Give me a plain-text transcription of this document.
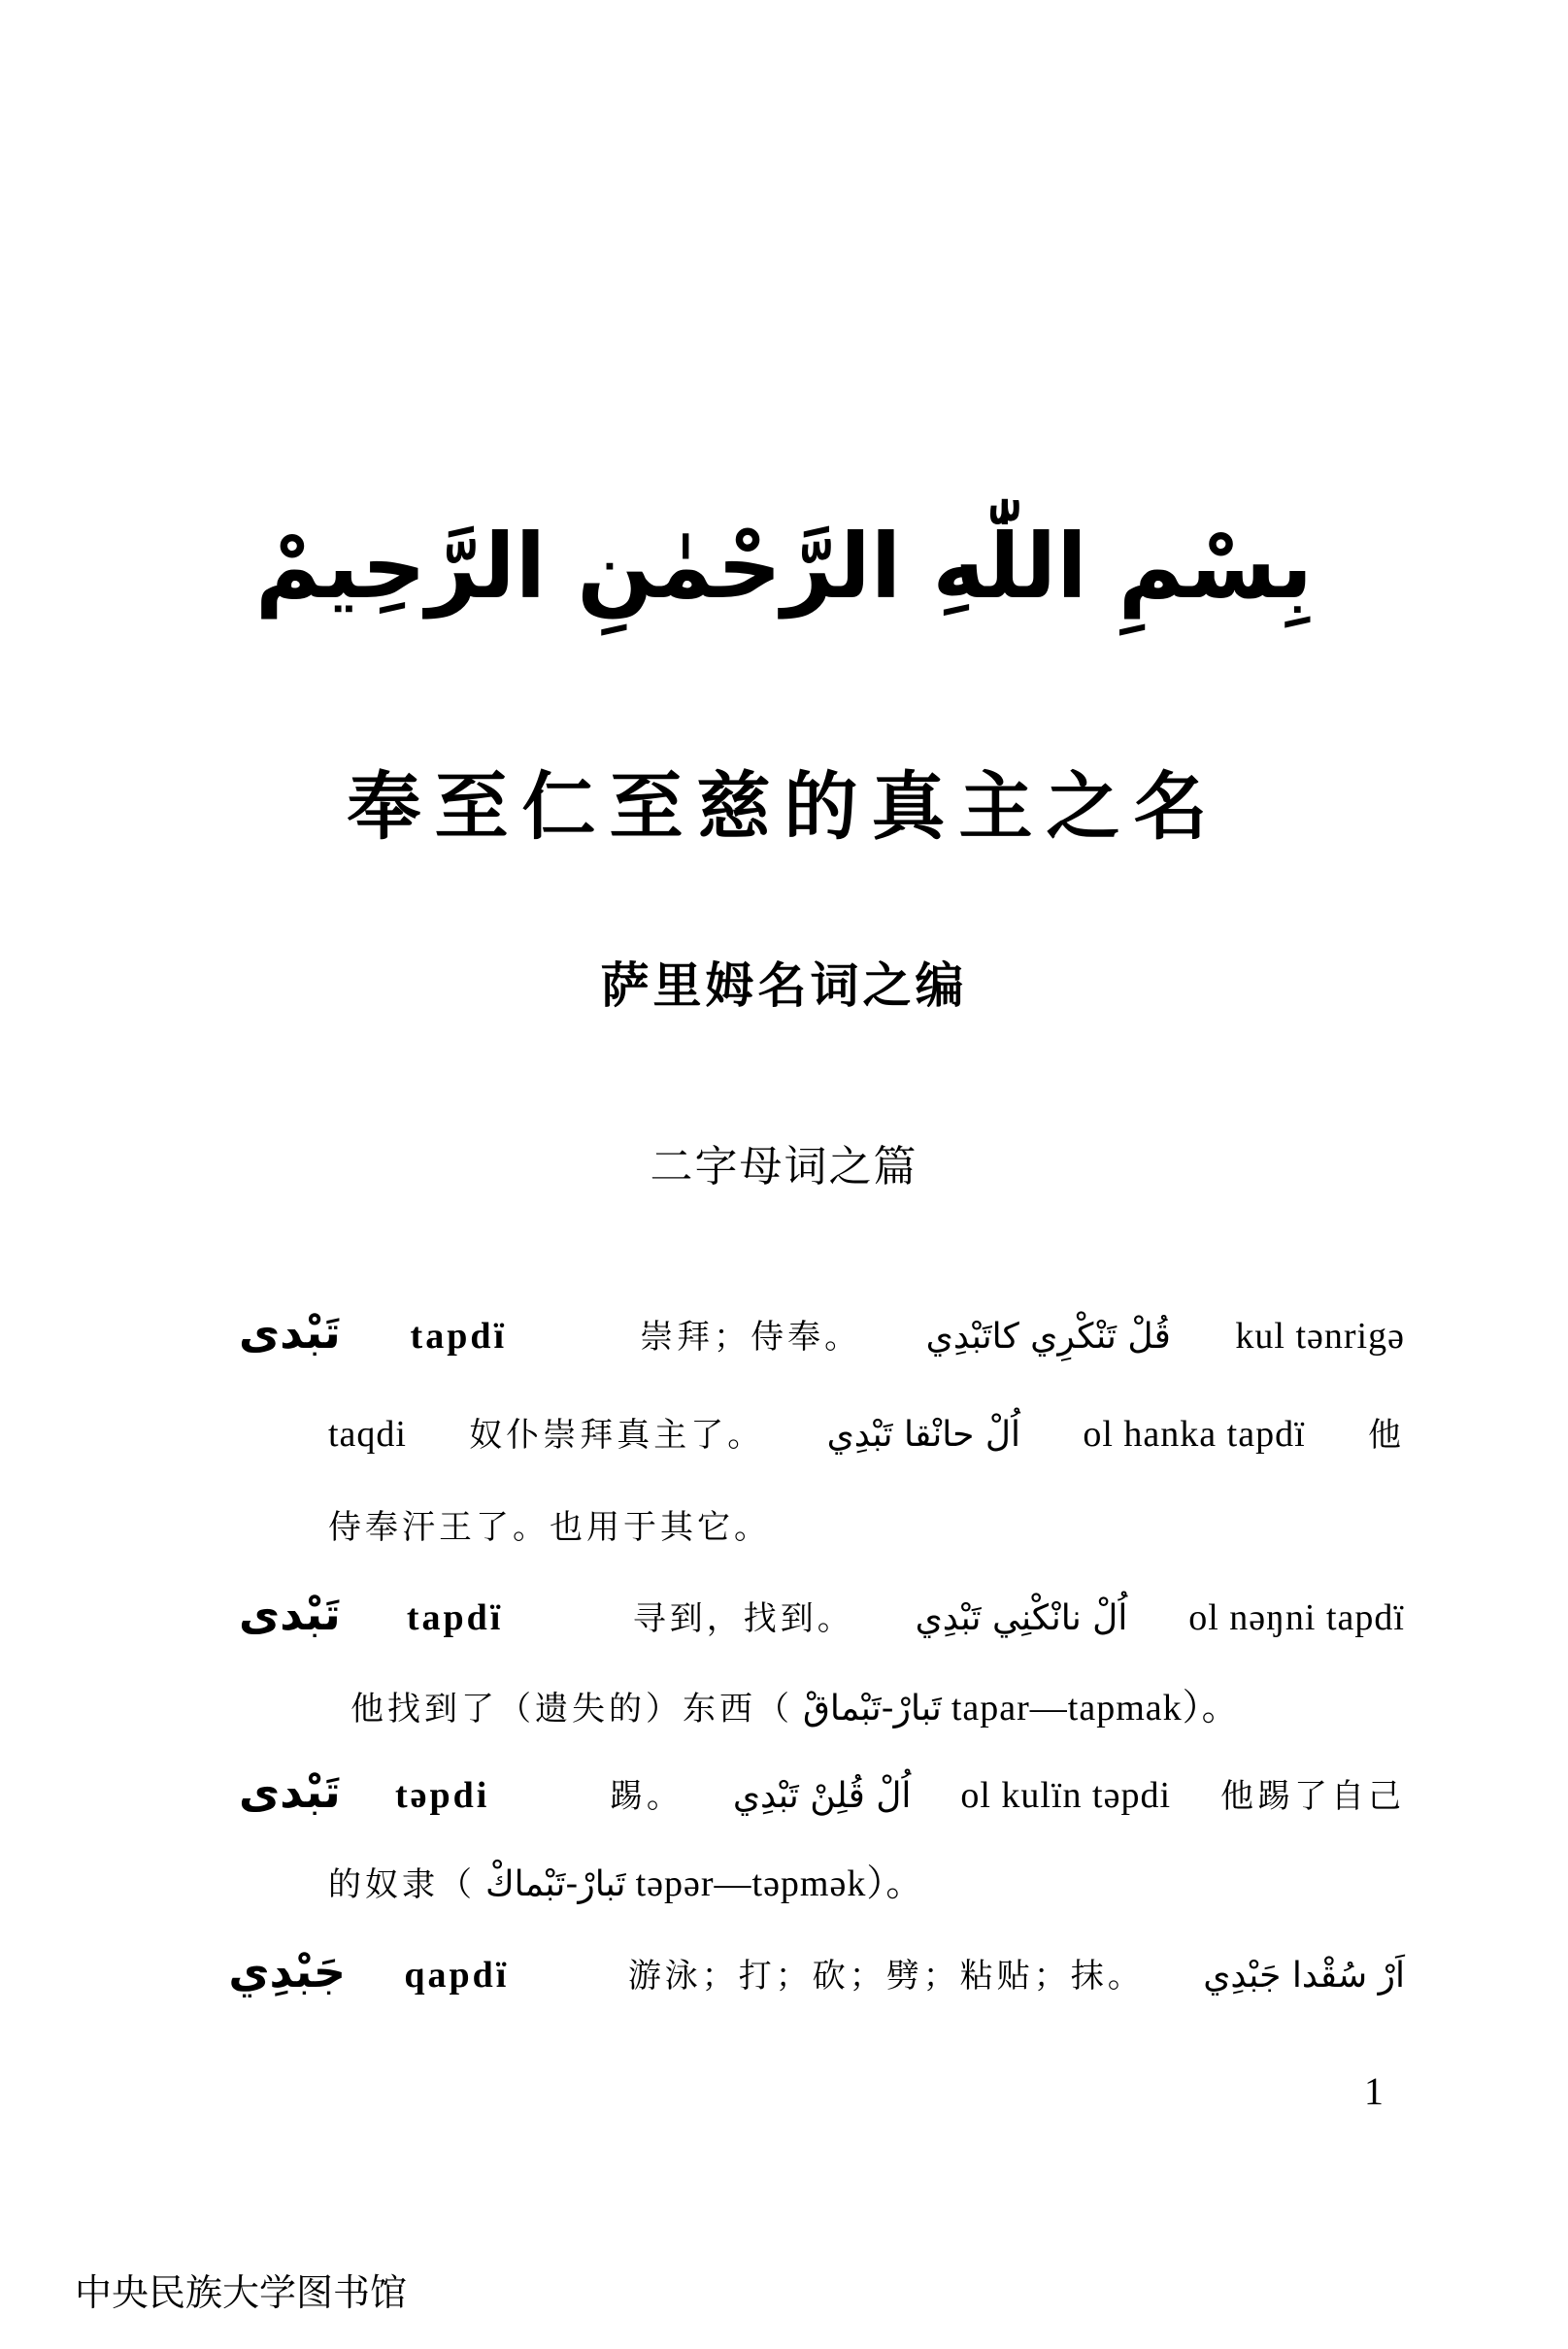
بِسْمِ اللّٰهِ الرَّحْمٰنِ الرَّحِيمْ
奉至仁至慈的真主之名
萨里姆名词之编
二字母词之篇
تَبْدى tapdï	崇拜；侍奉。 قُلْ تَنْكْرِي كاتَبْدِي kul tənrigə
taqdi 奴仆崇拜真主了。 اُلْ حانْقا تَبْدِي ol hanka tapdï 他
侍奉汗王了。也用于其它。
تَبْدى tapdï	寻到，找到。 اُلْ نانْكْنِي تَبْدِي ol nəŋni tapdï
他找到了（遗失的）东西（ تَبارْ-تَبْماقْ tapar—tapmak）。
تَبْدى təpdi	踢。 اُلْ قُلِنْ تَبْدِي ol kulïn təpdi 他踢了自己
的奴隶（ تَبارْ-تَبْماكْ təpər—təpmək）。
جَبْدِي qapdï	游泳；打；砍；劈；粘贴；抹。 اَرْ سُقْدا جَبْدِي
1
中央民族大学图书馆
